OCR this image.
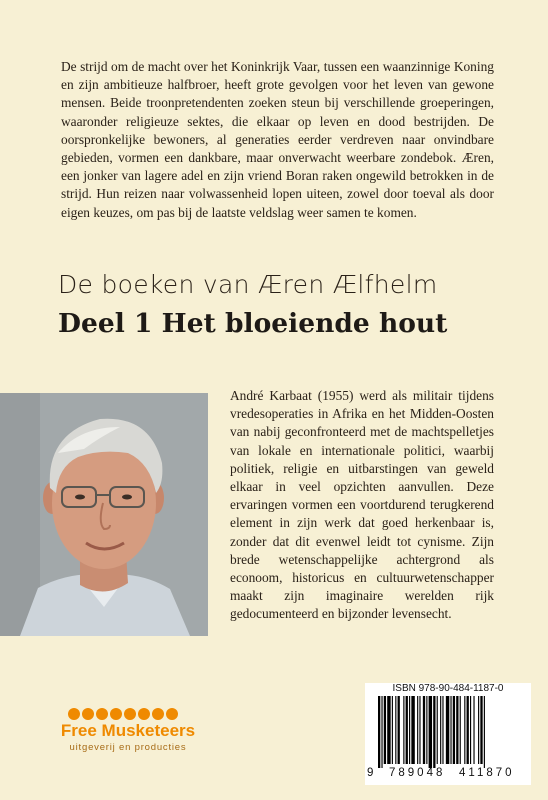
De strijd om de macht over het Koninkrijk Vaar, tussen een waanzinnige Koning en zijn ambitieuze halfbroer, heeft grote gevolgen voor het leven van gewone mensen. Beide troonpretendenten zoeken steun bij verschillende groeperingen, waaronder religieuze sektes, die elkaar op leven en dood bestrijden. De oorspronkelijke bewoners, al generaties eerder verdreven naar onvindbare gebieden, vormen een dankbare, maar onverwacht weerbare zondebok. Æren, een jonker van lagere adel en zijn vriend Boran raken ongewild betrokken in de strijd. Hun reizen naar volwassenheid lopen uiteen, zowel door toeval als door eigen keuzes, om pas bij de laatste veldslag weer samen te komen.

De boeken van Æren Ælfhelm
Deel 1 Het bloeiende hout

André Karbaat (1955) werd als militair tijdens vredesoperaties in Afrika en het Midden-Oosten van nabij geconfronteerd met de machtspelletjes van lokale en internationale politici, waarbij politiek, religie en uitbarstingen van geweld elkaar in veel opzichten aanvullen. Deze ervaringen vormen een voortdurend terugkerend element in zijn werk dat goed herkenbaar is, zonder dat dit evenwel leidt tot cynisme. Zijn brede wetenschappelijke achtergrond als econoom, historicus en cultuurwetenschapper maakt zijn imaginaire werelden rijk gedocumenteerd en bijzonder levensecht.

Free Musketeers
uitgeverij en producties
ISBN 978-90-484-1187-0
9 789048 411870
